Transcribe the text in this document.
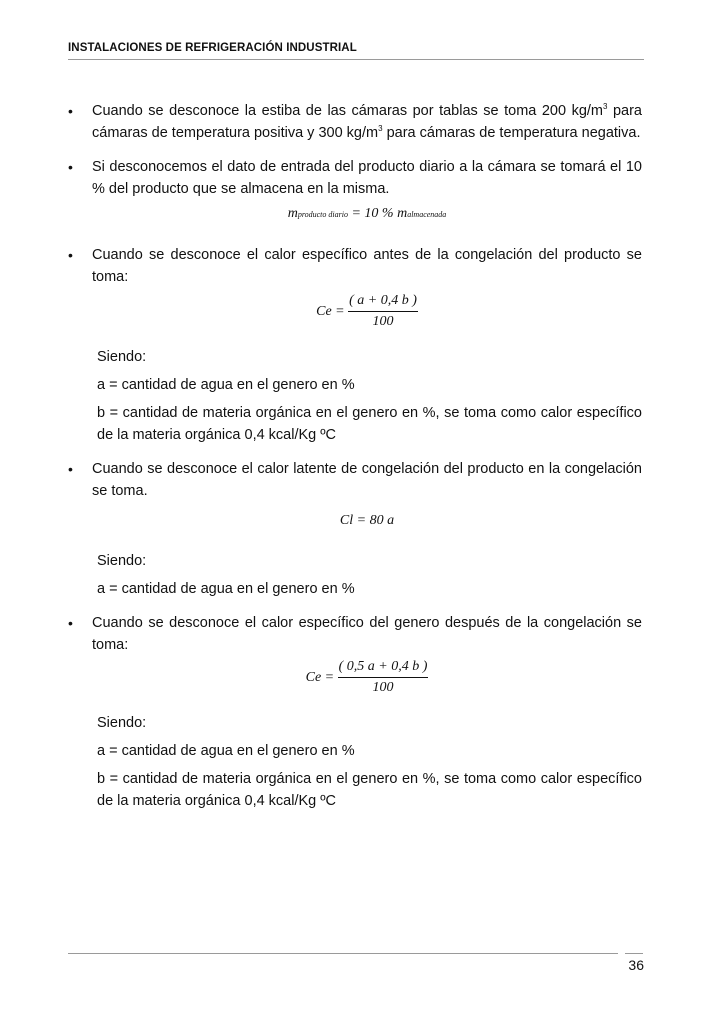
INSTALACIONES DE REFRIGERACIÓN INDUSTRIAL
• Cuando se desconoce la estiba de las cámaras por tablas se toma 200 $kg/m^3$ para cámaras de temperatura positiva y 300 $kg/m^3$ para cámaras de temperatura negativa.
• Si desconocemos el dato de entrada del producto diario a la cámara se tomará el 10 % del producto que se almacena en la misma.
mproducto diario = 10 % malmacenada
• Cuando se desconoce el calor específico antes de la congelación del producto se toma:
$Ce = \frac{( a + 0,4 b )}{100}$
Siendo:
a = cantidad de agua en el genero en %
b = cantidad de materia orgánica en el genero en %, se toma como calor específico de la materia orgánica 0,4 kcal/Kg ºC
• Cuando se desconoce el calor latente de congelación del producto en la congelación se toma.
Cl = 80 a
Siendo:
a = cantidad de agua en el genero en %
• Cuando se desconoce el calor específico del genero después de la congelación se toma:
$Ce = \frac{( 0,5 a + 0,4 b )}{100}$
Siendo:
a = cantidad de agua en el genero en %
b = cantidad de materia orgánica en el genero en %, se toma como calor específico de la materia orgánica 0,4 kcal/Kg ºC
36
